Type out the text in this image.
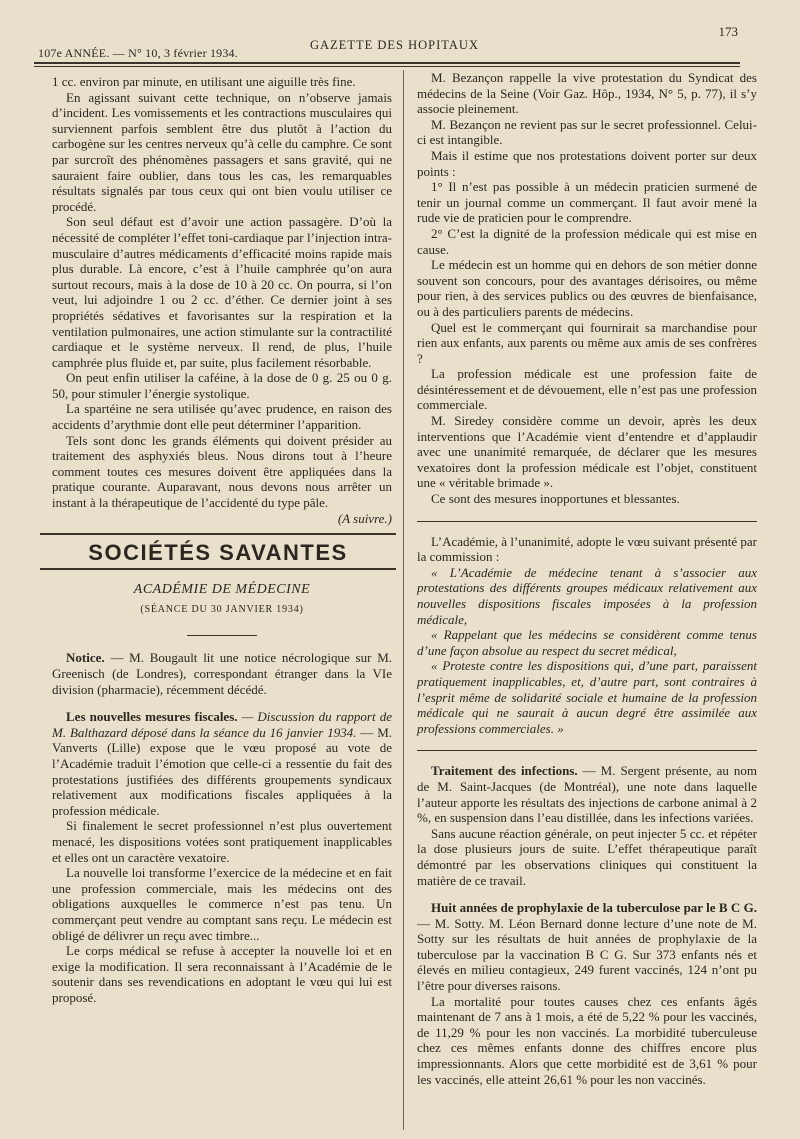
173
107e ANNÉE. — N° 10, 3 février 1934.
GAZETTE DES HOPITAUX

1 cc. environ par minute, en utilisant une aiguille très fine.

En agissant suivant cette technique, on n’observe jamais d’incident. Les vomissements et les contractions musculaires qui surviennent parfois semblent être dus plutôt à l’action du carbogène sur les centres nerveux qu’à celle du camphre. Ce sont par surcroît des phénomènes passagers et sans gravité, qui ne sauraient faire oublier, dans tous les cas, les remarquables résultats signalés par tous ceux qui ont bien voulu utiliser ce procédé.

Son seul défaut est d’avoir une action passagère. D’où la nécessité de compléter l’effet toni-cardiaque par l’injection intra-musculaire d’autres médicaments d’efficacité moins rapide mais plus durable. Là encore, c’est à l’huile camphrée qu’on aura surtout recours, mais à la dose de 10 à 20 cc. On pourra, si l’on veut, lui adjoindre 1 ou 2 cc. d’éther. Ce dernier joint à ses propriétés sédatives et favorisantes sur la respiration et la ventilation pulmonaires, une action stimulante sur la contractilité cardiaque et le système nerveux. Il rend, de plus, l’huile camphrée plus fluide et, par suite, plus facilement résorbable.

On peut enfin utiliser la caféine, à la dose de 0 g. 25 ou 0 g. 50, pour stimuler l’énergie systolique.

La spartéine ne sera utilisée qu’avec prudence, en raison des accidents d’arythmie dont elle peut déterminer l’apparition.

Tels sont donc les grands éléments qui doivent présider au traitement des asphyxiés bleus. Nous dirons tout à l’heure comment toutes ces mesures doivent être appliquées dans la pratique courante. Auparavant, nous devons nous arrêter un instant à la thérapeutique de l’accidenté du type pâle.
(A suivre.)

SOCIÉTÉS SAVANTES
ACADÉMIE DE MÉDECINE
(SÉANCE DU 30 JANVIER 1934)

Notice. — M. Bougault lit une notice nécrologique sur M. Greenisch (de Londres), correspondant étranger dans la VIe division (pharmacie), récemment décédé.

Les nouvelles mesures fiscales. — Discussion du rapport de M. Balthazard déposé dans la séance du 16 janvier 1934. — M. Vanverts (Lille) expose que le vœu proposé au vote de l’Académie traduit l’émotion que celle-ci a ressentie du fait des protestations justifiées des différents groupements syndicaux relativement aux modifications fiscales appliquées à la profession médicale.

Si finalement le secret professionnel n’est plus ouvertement menacé, les dispositions votées sont pratiquement inapplicables et elles ont un caractère vexatoire.

La nouvelle loi transforme l’exercice de la médecine et en fait une profession commerciale, mais les médecins ont des obligations auxquelles le commerce n’est pas tenu. Un commerçant peut vendre au comptant sans reçu. Le médecin est obligé de délivrer un reçu avec timbre...

Le corps médical se refuse à accepter la nouvelle loi et en exige la modification. Il sera reconnaissant à l’Académie de le soutenir dans ses revendications en adoptant le vœu qui lui est proposé.

M. Bezançon rappelle la vive protestation du Syndicat des médecins de la Seine (Voir Gaz. Hôp., 1934, N° 5, p. 77), il s’y associe pleinement.

M. Bezançon ne revient pas sur le secret professionnel. Celui-ci est intangible.

Mais il estime que nos protestations doivent porter sur deux points :

1° Il n’est pas possible à un médecin praticien surmené de tenir un journal comme un commerçant. Il faut avoir mené la rude vie de praticien pour le comprendre.

2° C’est la dignité de la profession médicale qui est mise en cause.

Le médecin est un homme qui en dehors de son métier donne souvent son concours, pour des avantages dérisoires, ou même pour rien, à des services publics ou des œuvres de bienfaisance, ou à des particuliers parents de médecins.

Quel est le commerçant qui fournirait sa marchandise pour rien aux enfants, aux parents ou même aux amis de ses confrères ?

La profession médicale est une profession faite de désintéressement et de dévouement, elle n’est pas une profession commerciale.

M. Siredey considère comme un devoir, après les deux interventions que l’Académie vient d’entendre et d’applaudir avec une unanimité remarquée, de déclarer que les mesures vexatoires dont la profession médicale est l’objet, constituent une « véritable brimade ».

Ce sont des mesures inopportunes et blessantes.

L’Académie, à l’unanimité, adopte le vœu suivant présenté par la commission :

« L’Académie de médecine tenant à s’associer aux protestations des différents groupes médicaux relativement aux nouvelles dispositions fiscales imposées à la profession médicale,

« Rappelant que les médecins se considèrent comme tenus d’une façon absolue au respect du secret médical,

« Proteste contre les dispositions qui, d’une part, paraissent pratiquement inapplicables, et, d’autre part, sont contraires à l’esprit même de solidarité sociale et humaine de la profession médicale qui ne saurait à aucun degré être assimilée aux professions commerciales. »

Traitement des infections. — M. Sergent présente, au nom de M. Saint-Jacques (de Montréal), une note dans laquelle l’auteur apporte les résultats des injections de carbone animal à 2 %, en suspension dans l’eau distillée, dans les infections variées.

Sans aucune réaction générale, on peut injecter 5 cc. et répéter la dose plusieurs jours de suite. L’effet thérapeutique paraît démontré par les observations cliniques qui constituent la matière de ce travail.

Huit années de prophylaxie de la tuberculose par le B C G. — M. Sotty. M. Léon Bernard donne lecture d’une note de M. Sotty sur les résultats de huit années de prophylaxie de la tuberculose par la vaccination B C G. Sur 373 enfants nés et élevés en milieu contagieux, 249 furent vaccinés, 124 n’ont pu l’être pour diverses raisons.

La mortalité pour toutes causes chez ces enfants âgés maintenant de 7 ans à 1 mois, a été de 5,22 % pour les vaccinés, de 11,29 % pour les non vaccinés. La morbidité tuberculeuse chez ces mêmes enfants donne des chiffres encore plus impressionnants. Alors que cette morbidité est de 3,61 % pour les vaccinés, elle atteint 26,61 % pour les non vaccinés.
